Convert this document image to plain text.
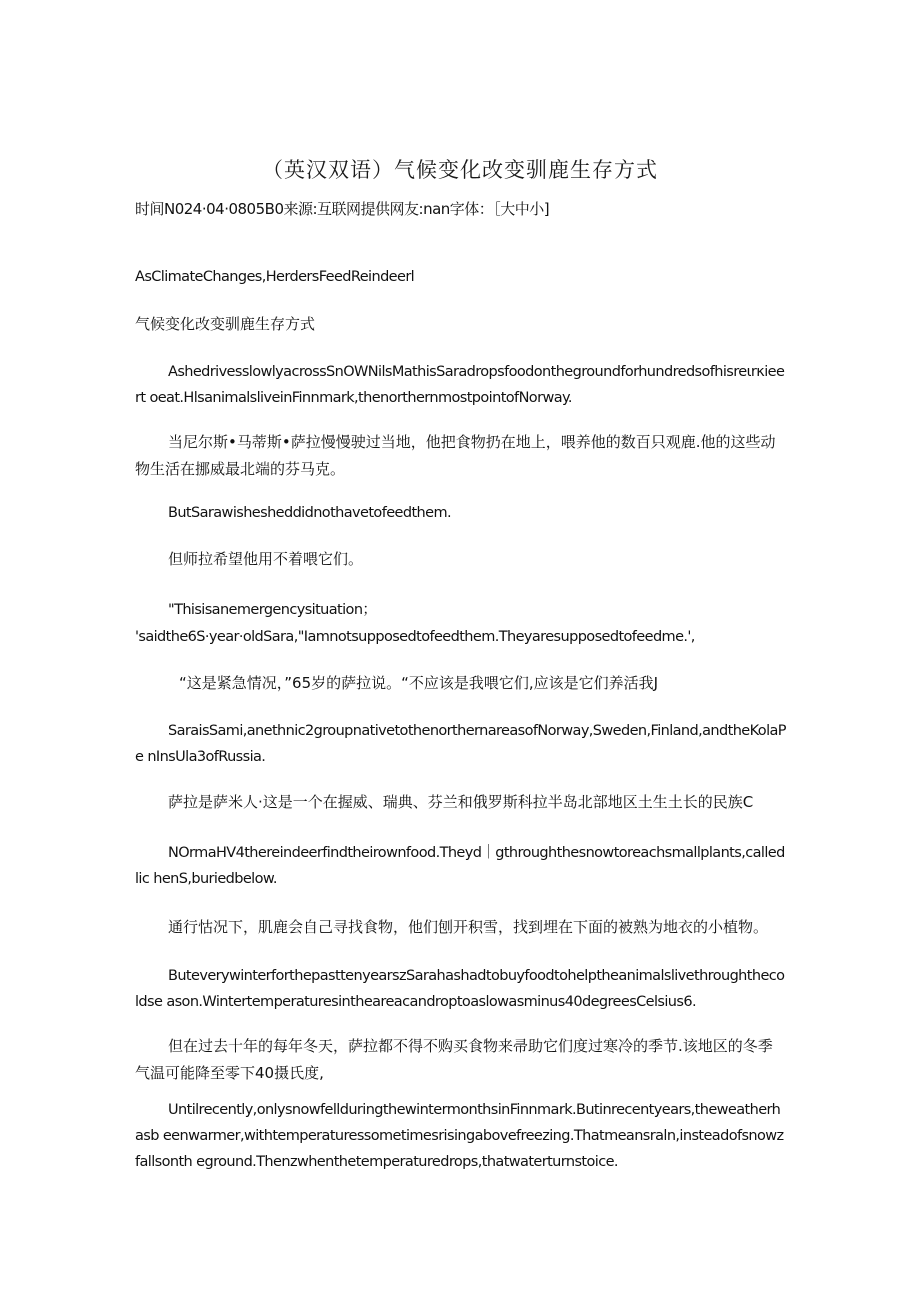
（英汉双语）气候变化改变驯鹿生存方式
时间N024·04·0805B0来源:互联网提供网友:nan字体：［大中小]
AsClimateChanges,HerdersFeedReindeerl
气候变化改变驯鹿生存方式
AshedrivesslowlyacrossSnOWNilsMathisSaradropsfoodonthegroundforhundredsofhisreιrκieert oeat.HlsanimalsliveinFinnmark,thenorthernmostpointofNorway.
当尼尔斯•马蒂斯•萨拉慢慢驶过当地，他把食物扔在地上，喂养他的数百只观鹿.他的这些动物生活在挪威最北端的芬马克。
ButSarawishesheddidnothavetofeedthem.
但师拉希望他用不着喂它们。
"Thisisanemergencysituation；
'saidthe6S·year·oldSara,"Iamnotsupposedtofeedthem.Theyaresupposedtofeedme.',
“这是紧急情况，”65岁的萨拉说。“不应该是我喂它们,应该是它们养活我J
SaraisSami,anethnic2groupnativetothenorthernareasofNorway,Sweden,Finland,andtheKolaPe nInsUla3ofRussia.
萨拉是萨米人·这是一个在握威、瑞典、芬兰和俄罗斯科拉半岛北部地区土生土长的民族C
NOrmaHV4thereindeerfindtheirownfood.Theyd｜gthroughthesnowtoreachsmallplants,calledlic henS,buriedbelow.
通行怙况下，肌鹿会自己寻找食物，他们刨开积雪，找到埋在下面的被熟为地衣的小植物。
ButeverywinterforthepasttenyearszSarahashadtobuyfoodtohelptheanimalslivethroughthecoldse ason.Wintertemperaturesintheareacandroptoaslowasminus40degreesCelsius6.
但在过去十年的每年冬天，萨拉都不得不购买食物来帚助它们度过寒冷的季节.该地区的冬季气温可能降至零下40摄氏度,
Untilrecently,onlysnowfellduringthewintermonthsinFinnmark.Butinrecentyears,theweatherhasb eenwarmer,withtemperaturessometimesrisingabovefreezing.Thatmeansraln,insteadofsnowzfallsonth eground.Thenzwhenthetemperaturedrops,thatwaterturnstoice.
